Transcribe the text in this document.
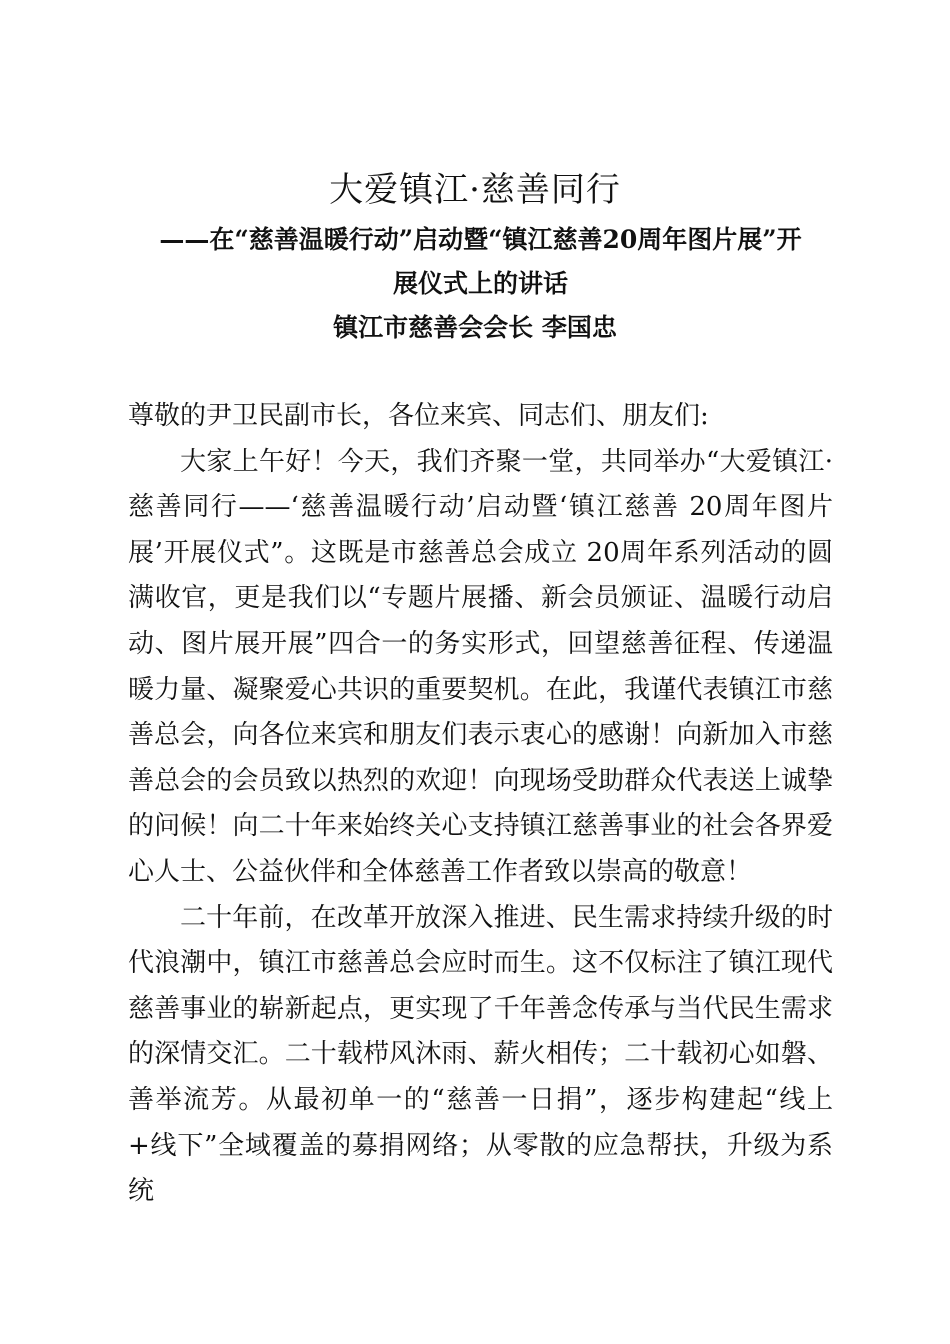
大爱镇江·慈善同行
——在“慈善温暖行动”启动暨“镇江慈善20周年图片展”开
展仪式上的讲话
镇江市慈善会会长 李国忠

尊敬的尹卫民副市长，各位来宾、同志们、朋友们:

大家上午好！今天，我们齐聚一堂，共同举办“大爱镇江·慈善同行——‘慈善温暖行动’启动暨‘镇江慈善 20周年图片展’开展仪式”。这既是市慈善总会成立 20周年系列活动的圆满收官，更是我们以“专题片展播、新会员颁证、温暖行动启动、图片展开展”四合一的务实形式，回望慈善征程、传递温暖力量、凝聚爱心共识的重要契机。在此，我谨代表镇江市慈善总会，向各位来宾和朋友们表示衷心的感谢！向新加入市慈善总会的会员致以热烈的欢迎！向现场受助群众代表送上诚挚的问候！向二十年来始终关心支持镇江慈善事业的社会各界爱心人士、公益伙伴和全体慈善工作者致以崇高的敬意！

二十年前，在改革开放深入推进、民生需求持续升级的时代浪潮中，镇江市慈善总会应时而生。这不仅标注了镇江现代慈善事业的崭新起点，更实现了千年善念传承与当代民生需求的深情交汇。二十载栉风沐雨、薪火相传；二十载初心如磐、善举流芳。从最初单一的“慈善一日捐”，逐步构建起“线上+线下”全域覆盖的募捐网络；从零散的应急帮扶，升级为系统
